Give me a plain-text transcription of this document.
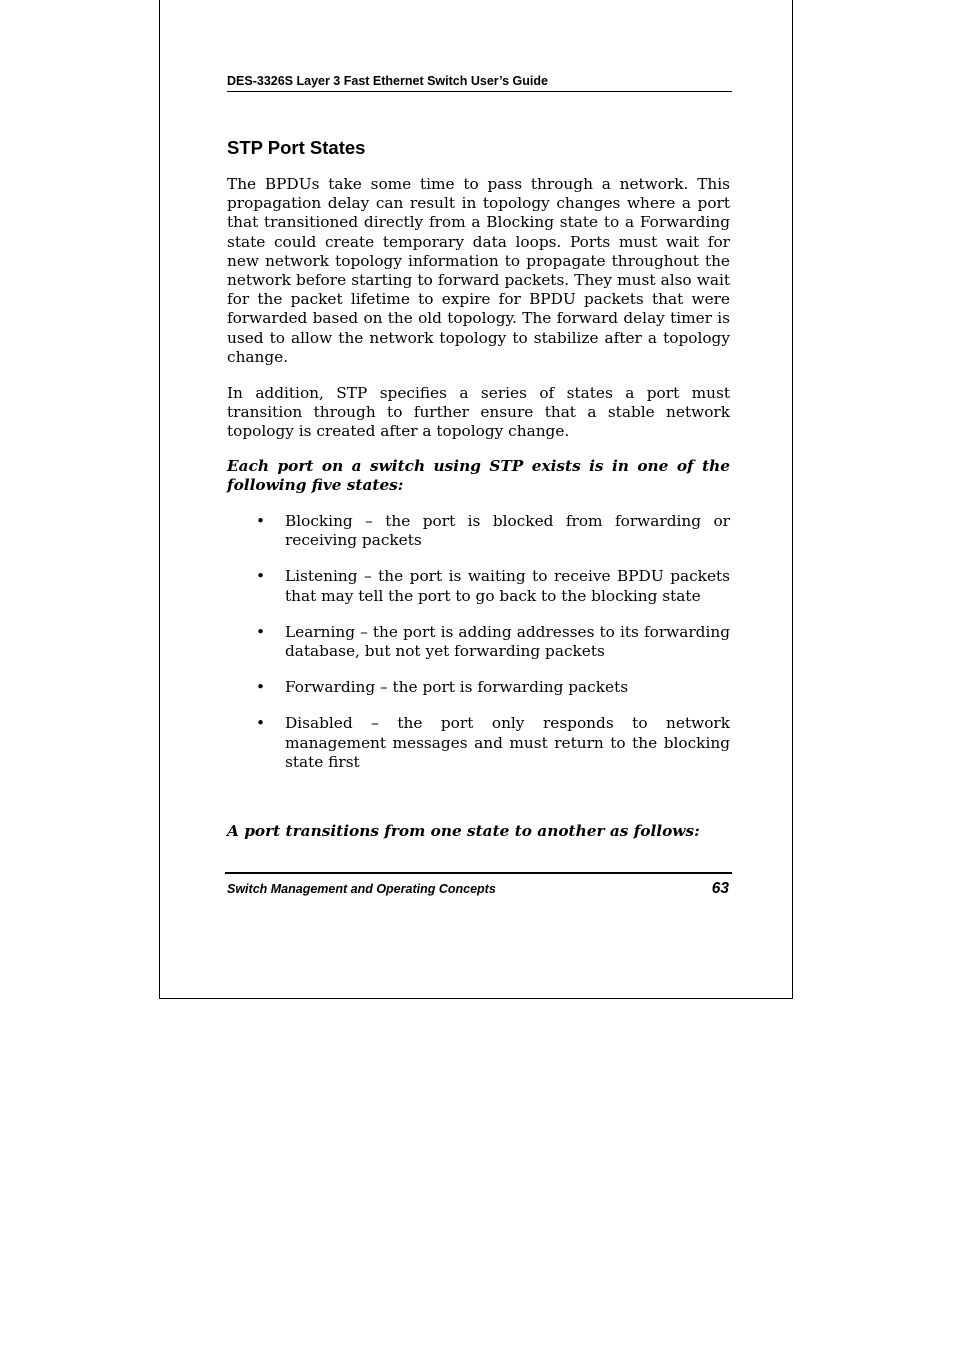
DES-3326S Layer 3 Fast Ethernet Switch User’s Guide
STP Port States

The BPDUs take some time to pass through a network. This propagation delay can result in topology changes where a port that transitioned directly from a Blocking state to a Forwarding state could create temporary data loops. Ports must wait for new network topology information to propagate throughout the network before starting to forward packets. They must also wait for the packet lifetime to expire for BPDU packets that were forwarded based on the old topology. The forward delay timer is used to allow the network topology to stabilize after a topology change.

In addition, STP specifies a series of states a port must transition through to further ensure that a stable network topology is created after a topology change.

Each port on a switch using STP exists is in one of the following five states:

• Blocking – the port is blocked from forwarding or receiving packets
• Listening – the port is waiting to receive BPDU packets that may tell the port to go back to the blocking state
• Learning – the port is adding addresses to its forwarding database, but not yet forwarding packets
• Forwarding – the port is forwarding packets
• Disabled – the port only responds to network management messages and must return to the blocking state first

A port transitions from one state to another as follows:

Switch Management and Operating Concepts	63
